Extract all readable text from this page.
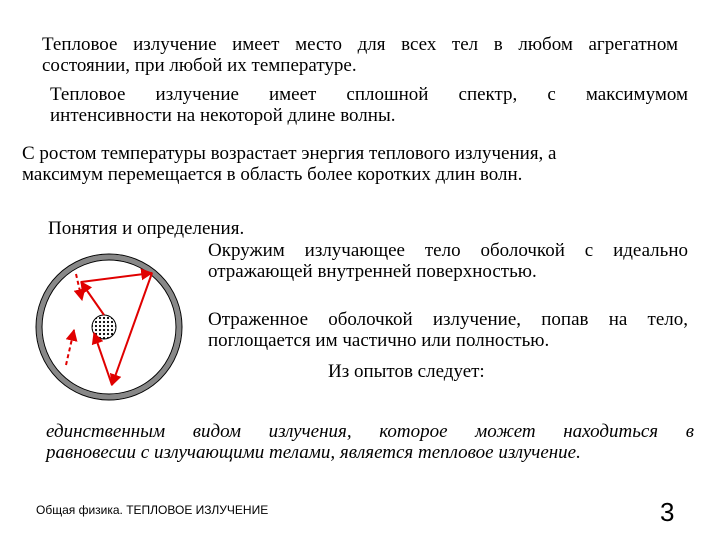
Тепловое излучение имеет место для всех тел в любом агрегатном
состоянии, при любой их температуре.

Тепловое излучение имеет сплошной спектр, с максимумом
интенсивности на некоторой длине волны.

С ростом температуры возрастает энергия теплового излучения, а
максимум перемещается в область более коротких длин волн.

Понятия и определения.

Окружим излучающее тело оболочкой с идеально
отражающей внутренней поверхностью.

Отраженное оболочкой излучение, попав на тело,
поглощается им частично или полностью.

Из опытов следует:

единственным видом излучения, которое может находиться в
равновесии с излучающими телами, является тепловое излучение.

Общая физика. ТЕПЛОВОЕ ИЗЛУЧЕНИЕ	3
